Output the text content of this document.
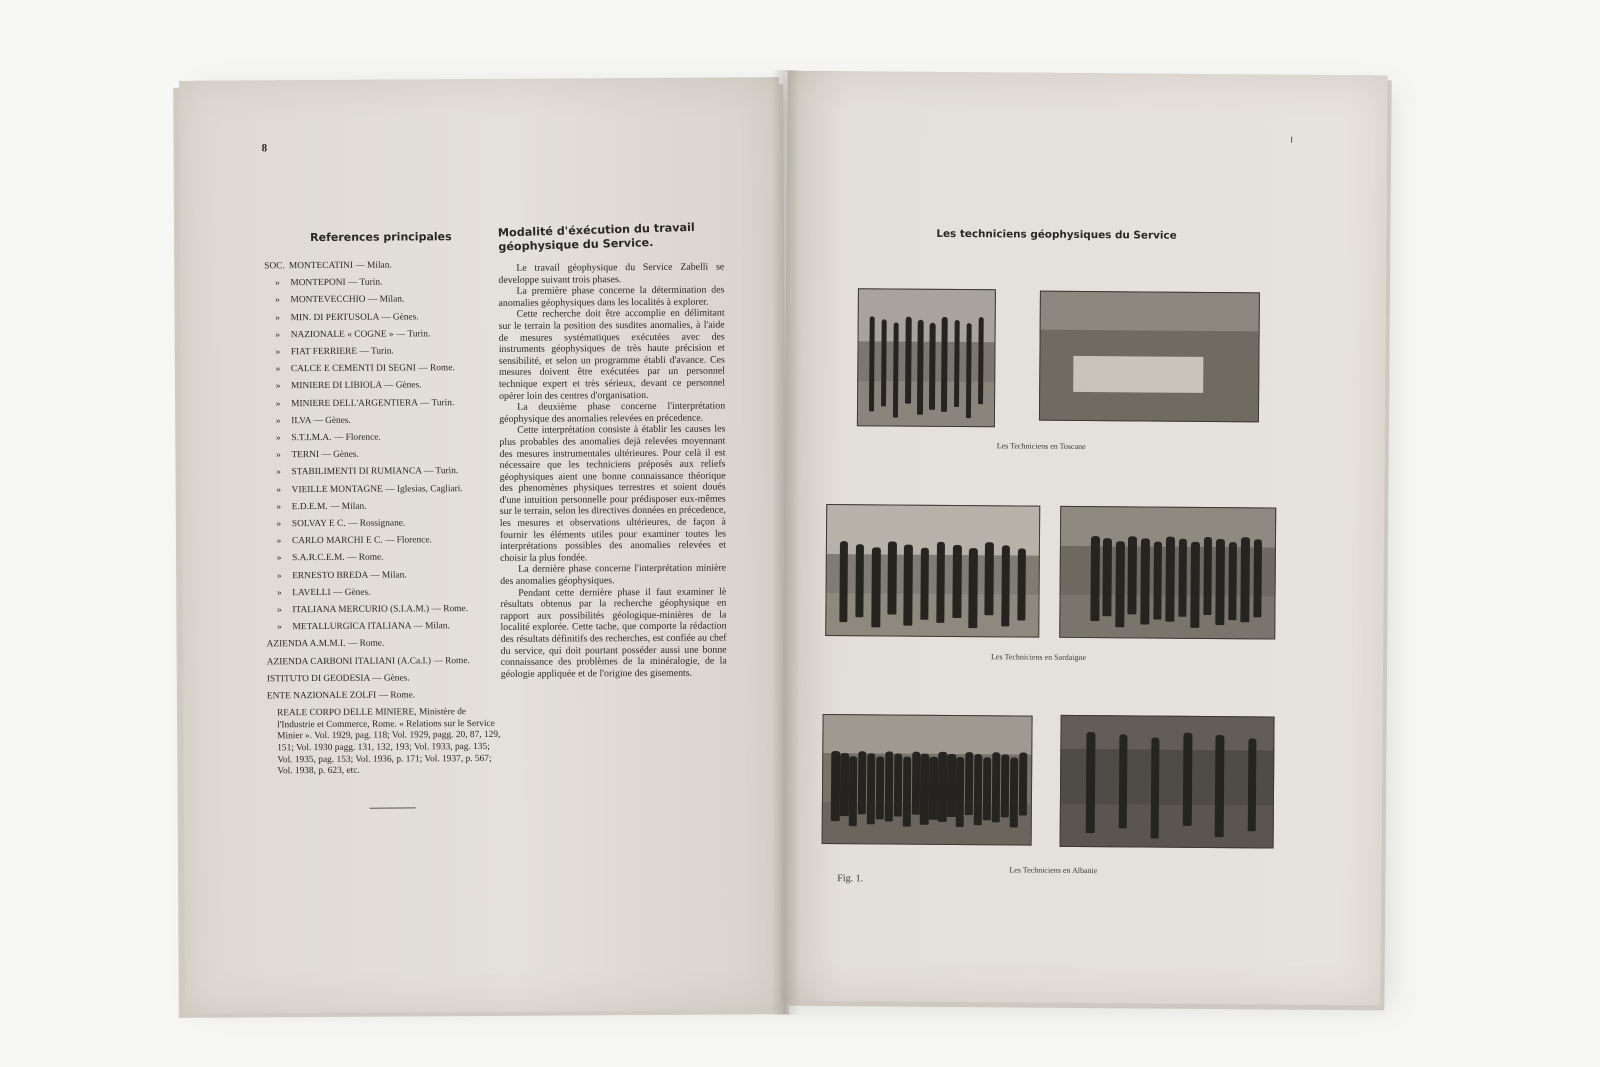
8
References principales
SOC. MONTECATINI — Milan.
» MONTEPONI — Turin.
» MONTEVECCHIO — Milan.
» MIN. DI PERTUSOLA — Gènes.
» NAZIONALE « COGNE » — Turin.
» FIAT FERRIERE — Turin.
» CALCE E CEMENTI DI SEGNI — Rome.
» MINIERE DI LIBIOLA — Gènes.
» MINIERE DELL'ARGENTIERA — Turin.
» ILVA — Gènes.
» S.T.I.M.A. — Florence.
» TERNI — Gènes.
» STABILIMENTI DI RUMIANCA — Turin.
» VIEILLE MONTAGNE — Iglesias, Cagliari.
» E.D.E.M. — Milan.
» SOLVAY E C. — Rossignane.
» CARLO MARCHI E C. — Florence.
» S.A.R.C.E.M. — Rome.
» ERNESTO BREDA — Milan.
» LAVELLI — Gènes.
» ITALIANA MERCURIO (S.I.A.M.) — Rome.
» METALLURGICA ITALIANA — Milan.
AZIENDA A.M.M.I. — Rome.
AZIENDA CARBONI ITALIANI (A.Ca.I.) — Rome.
ISTITUTO DI GEODESIA — Gènes.
ENTE NAZIONALE ZOLFI — Rome.
REALE CORPO DELLE MINIERE, Ministère de l'Industrie et Commerce, Rome. « Relations sur le Service Minier ». Vol. 1929, pag. 118; Vol. 1929, pagg. 20, 87, 129, 151; Vol. 1930 pagg. 131, 132, 193; Vol. 1933, pag. 135; Vol. 1935, pag. 153; Vol. 1936, p. 171; Vol. 1937, p. 567; Vol. 1938, p. 623, etc.
Modalité d'éxécution du travail géophysique du Service.

Le travail géophysique du Service Zabelli se developpe suivant trois phases.

La première phase concerne la détermination des anomalies géophysiques dans les localités à explorer.

Cette recherche doit être accomplie en délimitant sur le terrain la position des susdites anomalies, à l'aide de mesures systématiques exécutées avec des instruments géophysiques de très haute précision et sensibilité, et selon un programme établi d'avance. Ces mesures doivent être exécutées par un personnel technique expert et très sérieux, devant ce personnel opérer loin des centres d'organisation.

La deuxième phase concerne l'interprétation géophysique des anomalies relevées en précedence.

Cette interprétation consiste à établir les causes les plus probables des anomalies dejà relevées moyennant des mesures instrumentales ultérieures. Pour celà il est nécessaire que les techniciens préposés aux reliefs géophysiques aient une bonne connaissance théorique des phenomènes physiques terrestres et soient doués d'une intuition personnelle pour prédisposer eux-mêmes sur le terrain, selon les directives données en précedence, les mesures et observations ultérieures, de façon à fournir les éléments utiles pour examiner toutes les interprétations possibles des anomalies relevées et choisir la plus fondée.

La dernière phase concerne l'interprétation minière des anomalies géophysiques.

Pendant cette dernière phase il faut examiner lè résultats obtenus par la recherche géophysique en rapport aux possibilités géologique-minières de la localité explorée. Cette tache, que comporte la rédaction des résultats définitifs des recherches, est confiée au chef du service, qui doit pourtant posséder aussi une bonne connaissance des problèmes de la minéralogie, de la géologie appliquée et de l'origine des gisements.

Les techniciens géophysiques du Service
Les Techniciens en Toscane
Les Techniciens en Sardaigne
Fig. 1.
Les Techniciens en Albanie
